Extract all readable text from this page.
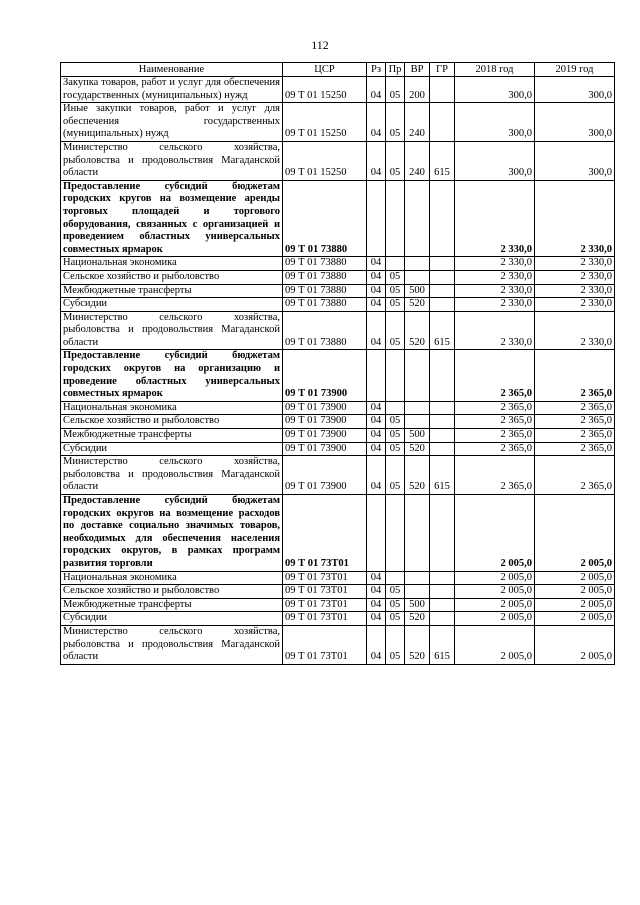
112
Наименование	ЦСР	Рз	Пр	ВР	ГР	2018 год	2019 год
Закупка товаров, работ и услуг для обеспечения государственных (муниципальных) нужд	09 Т 01 15250	04	05	200		300,0	300,0
Иные закупки товаров, работ и услуг для обеспечения государственных (муниципальных) нужд	09 Т 01 15250	04	05	240		300,0	300,0
Министерство сельского хозяйства, рыболовства и продовольствия Магаданской области	09 Т 01 15250	04	05	240	615	300,0	300,0
Предоставление субсидий бюджетам городских кругов на возмещение аренды торговых площадей и торгового оборудования, связанных с организацией и проведением областных универсальных совместных ярмарок	09 Т 01 73880					2 330,0	2 330,0
Национальная экономика	09 Т 01 73880	04				2 330,0	2 330,0
Сельское хозяйство и рыболовство	09 Т 01 73880	04	05			2 330,0	2 330,0
Межбюджетные трансферты	09 Т 01 73880	04	05	500		2 330,0	2 330,0
Субсидии	09 Т 01 73880	04	05	520		2 330,0	2 330,0
Министерство сельского хозяйства, рыболовства и продовольствия Магаданской области	09 Т 01 73880	04	05	520	615	2 330,0	2 330,0
Предоставление субсидий бюджетам городских округов на организацию и проведение областных универсальных совместных ярмарок	09 Т 01 73900					2 365,0	2 365,0
Национальная экономика	09 Т 01 73900	04				2 365,0	2 365,0
Сельское хозяйство и рыболовство	09 Т 01 73900	04	05			2 365,0	2 365,0
Межбюджетные трансферты	09 Т 01 73900	04	05	500		2 365,0	2 365,0
Субсидии	09 Т 01 73900	04	05	520		2 365,0	2 365,0
Министерство сельского хозяйства, рыболовства и продовольствия Магаданской области	09 Т 01 73900	04	05	520	615	2 365,0	2 365,0
Предоставление субсидий бюджетам городских округов на возмещение расходов по доставке социально значимых товаров, необходимых для обеспечения населения городских округов, в рамках программ развития торговли	09 Т 01 73Т01					2 005,0	2 005,0
Национальная экономика	09 Т 01 73Т01	04				2 005,0	2 005,0
Сельское хозяйство и рыболовство	09 Т 01 73Т01	04	05			2 005,0	2 005,0
Межбюджетные трансферты	09 Т 01 73Т01	04	05	500		2 005,0	2 005,0
Субсидии	09 Т 01 73Т01	04	05	520		2 005,0	2 005,0
Министерство сельского хозяйства, рыболовства и продовольствия Магаданской области	09 Т 01 73Т01	04	05	520	615	2 005,0	2 005,0
